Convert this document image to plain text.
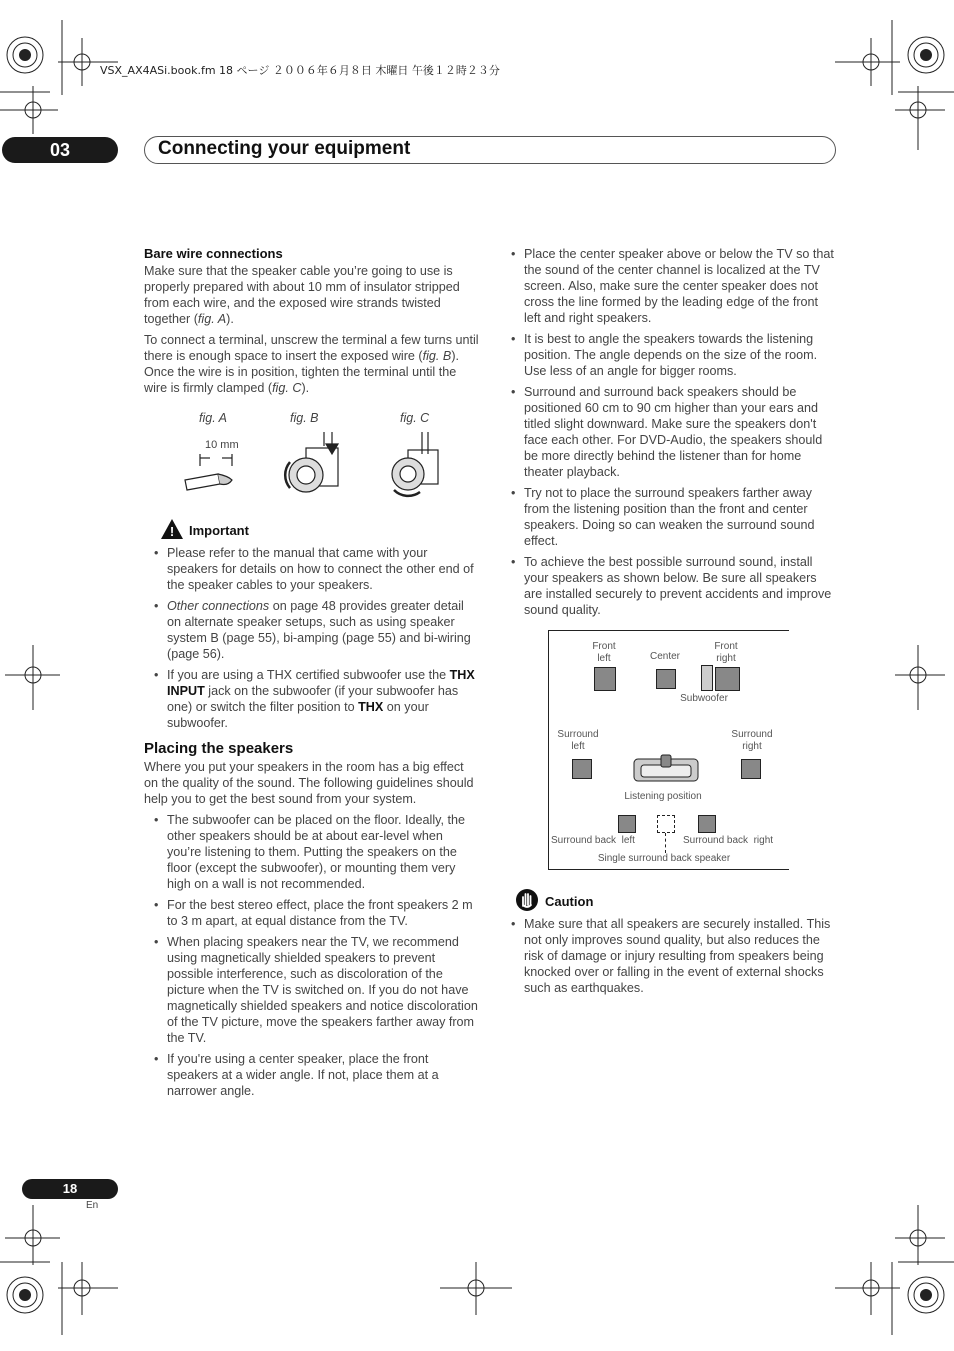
VSX_AX4ASi.book.fm 18 ページ ２００６年６月８日 木曜日 午後１２時２３分
03	Connecting your equipment
Bare wire connections

Make sure that the speaker cable you’re going to use is properly prepared with about 10 mm of insulator stripped from each wire, and the exposed wire strands twisted together (fig. A).

To connect a terminal, unscrew the terminal a few turns until there is enough space to insert the exposed wire (fig. B). Once the wire is in position, tighten the terminal until the wire is firmly clamped (fig. C).

fig. A	fig. B	fig. C
10 mm
! Important
• Please refer to the manual that came with your speakers for details on how to connect the other end of the speaker cables to your speakers.
• Other connections on page 48 provides greater detail on alternate speaker setups, such as using speaker system B (page 55), bi-amping (page 55) and bi-wiring (page 56).
• If you are using a THX certified subwoofer use the THX INPUT jack on the subwoofer (if your subwoofer has one) or switch the filter position to THX on your subwoofer.
Placing the speakers

Where you put your speakers in the room has a big effect on the quality of the sound. The following guidelines should help you to get the best sound from your system.

• The subwoofer can be placed on the floor. Ideally, the other speakers should be at about ear-level when you’re listening to them. Putting the speakers on the floor (except the subwoofer), or mounting them very high on a wall is not recommended.
• For the best stereo effect, place the front speakers 2 m to 3 m apart, at equal distance from the TV.
• When placing speakers near the TV, we recommend using magnetically shielded speakers to prevent possible interference, such as discoloration of the picture when the TV is switched on. If you do not have magnetically shielded speakers and notice discoloration of the TV picture, move the speakers farther away from the TV.
• If you're using a center speaker, place the front speakers at a wider angle. If not, place them at a narrower angle.
• Place the center speaker above or below the TV so that the sound of the center channel is localized at the TV screen. Also, make sure the center speaker does not cross the line formed by the leading edge of the front left and right speakers.
• It is best to angle the speakers towards the listening position. The angle depends on the size of the room. Use less of an angle for bigger rooms.
• Surround and surround back speakers should be positioned 60 cm to 90 cm higher than your ears and titled slight downward. Make sure the speakers don't face each other. For DVD-Audio, the speakers should be more directly behind the listener than for home theater playback.
• Try not to place the surround speakers farther away from the listening position than the front and center speakers. Doing so can weaken the surround sound effect.
• To achieve the best possible surround sound, install your speakers as shown below. Be sure all speakers are installed securely to prevent accidents and improve sound quality.
Front
left	Center
Front
right
Subwoofer
Surround
left
Surround
right
Listening position
Surround back  left	Surround back  right
Single surround back speaker
Caution
• Make sure that all speakers are securely installed. This not only improves sound quality, but also reduces the risk of damage or injury resulting from speakers being knocked over or falling in the event of external shocks such as earthquakes.
18
En
